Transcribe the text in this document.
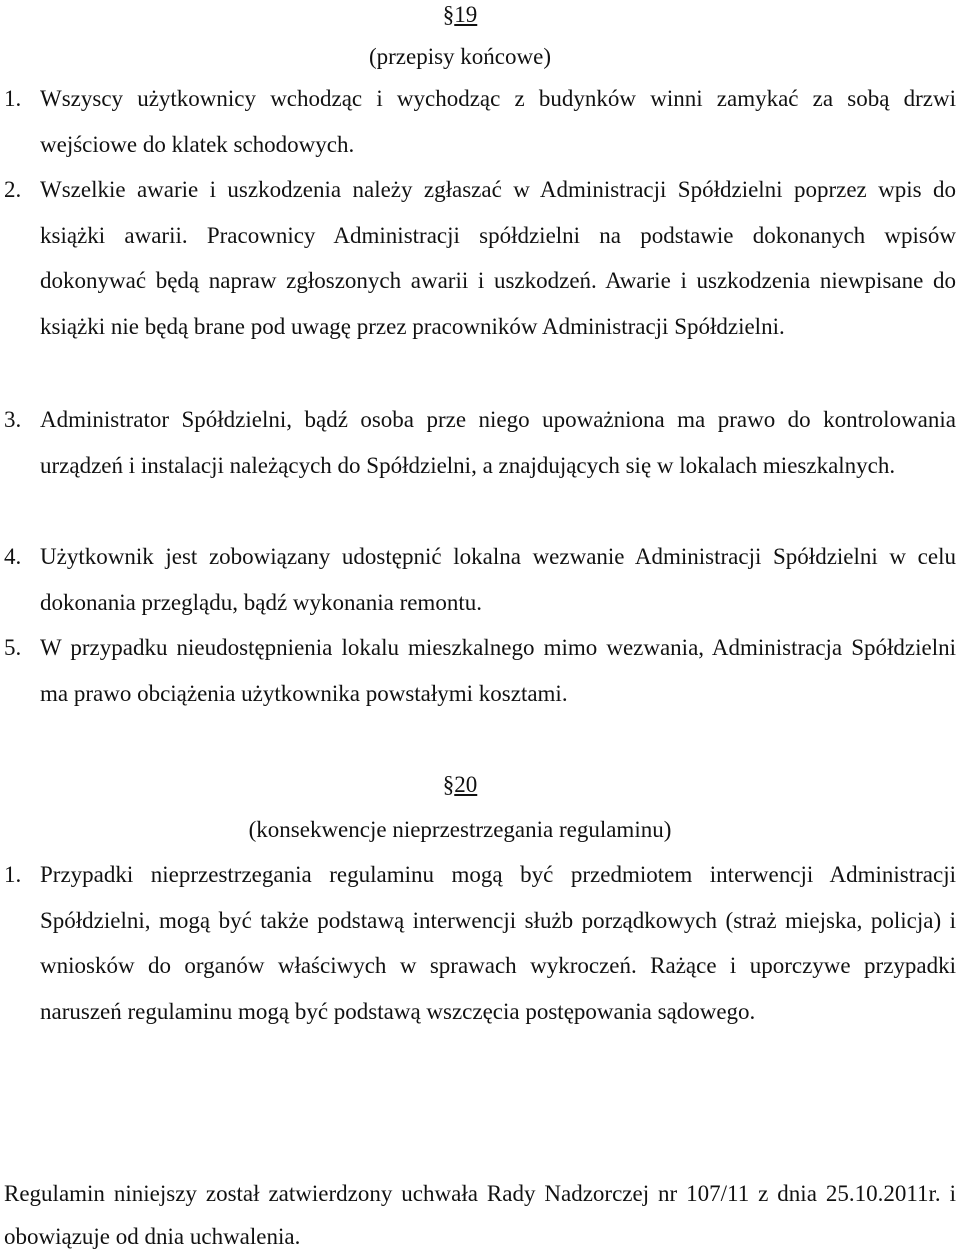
§19
(przepisy końcowe)
1. Wszyscy użytkownicy wchodząc i wychodząc z budynków winni zamykać za sobą drzwi wejściowe do klatek schodowych.
2. Wszelkie awarie i uszkodzenia należy zgłaszać w Administracji Spółdzielni poprzez wpis do książki awarii. Pracownicy Administracji spółdzielni na podstawie dokonanych wpisów dokonywać będą napraw zgłoszonych awarii i uszkodzeń. Awarie i uszkodzenia niewpisane do książki nie będą brane pod uwagę przez pracowników Administracji Spółdzielni.
3. Administrator Spółdzielni, bądź osoba prze niego upoważniona ma prawo do kontrolowania urządzeń i instalacji należących do Spółdzielni, a znajdujących się w lokalach mieszkalnych.
4. Użytkownik jest zobowiązany udostępnić lokalna wezwanie Administracji Spółdzielni w celu dokonania przeglądu, bądź wykonania remontu.
5. W przypadku nieudostępnienia lokalu mieszkalnego mimo wezwania, Administracja Spółdzielni ma prawo obciążenia użytkownika powstałymi kosztami.
§20
(konsekwencje nieprzestrzegania regulaminu)
1. Przypadki nieprzestrzegania regulaminu mogą być przedmiotem interwencji Administracji Spółdzielni, mogą być także podstawą interwencji służb porządkowych (straż miejska, policja) i wniosków do organów właściwych w sprawach wykroczeń. Rażące i uporczywe przypadki naruszeń regulaminu mogą być podstawą wszczęcia postępowania sądowego.
Regulamin niniejszy został zatwierdzony uchwała Rady Nadzorczej nr 107/11 z dnia 25.10.2011r. i obowiązuje od dnia uchwalenia.
